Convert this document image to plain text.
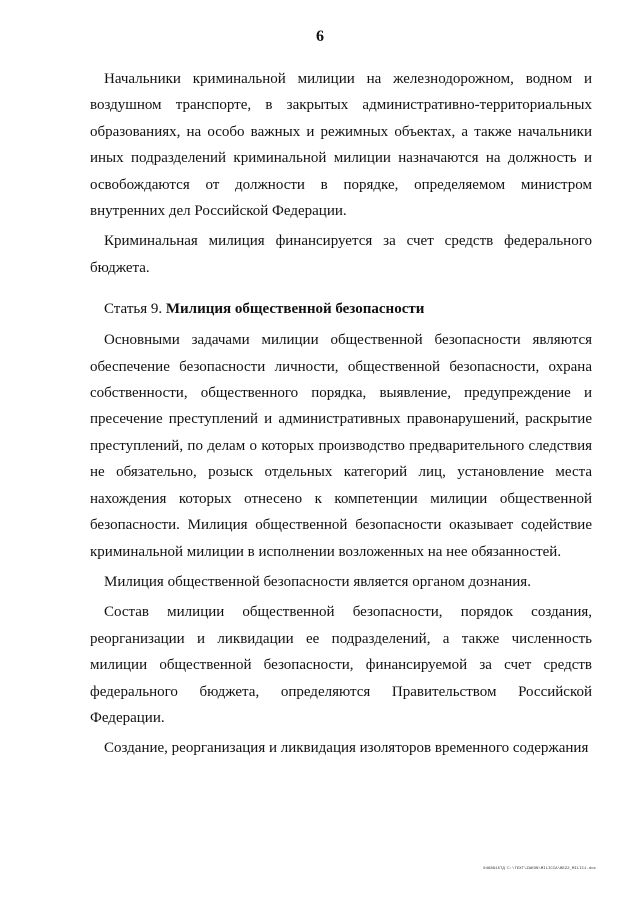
6

Начальники криминальной милиции на железнодорожном, водном и воздушном транспорте, в закрытых административно-территориальных образованиях, на особо важных и режимных объектах, а также начальники иных подразделений криминальной милиции назначаются на должность и освобождаются от должности в порядке, определяемом министром внутренних дел Российской Федерации.

Криминальная милиция финансируется за счет средств федерального бюджета.

Статья 9. Милиция общественной безопасности

Основными задачами милиции общественной безопасности являются обеспечение безопасности личности, общественной безопасности, охрана собственности, общественного порядка, выявление, предупреждение и пресечение преступлений и административных правонарушений, раскрытие преступлений, по делам о которых производство предварительного следствия не обязательно, розыск отдельных категорий лиц, установление места нахождения которых отнесено к компетенции милиции общественной безопасности. Милиция общественной безопасности оказывает содействие криминальной милиции в исполнении возложенных на нее обязанностей.

Милиция общественной безопасности является органом дознания.

Состав милиции общественной безопасности, порядок создания, реорганизации и ликвидации ее подразделений, а также численность милиции общественной безопасности, финансируемой за счет средств федерального бюджета, определяются Правительством Российской Федерации.

Создание, реорганизация и ликвидация изоляторов временного содержания

0468915ТД С:\TEXT\ZAKON\MILICIA\BEZ2_MILIC1.doc
